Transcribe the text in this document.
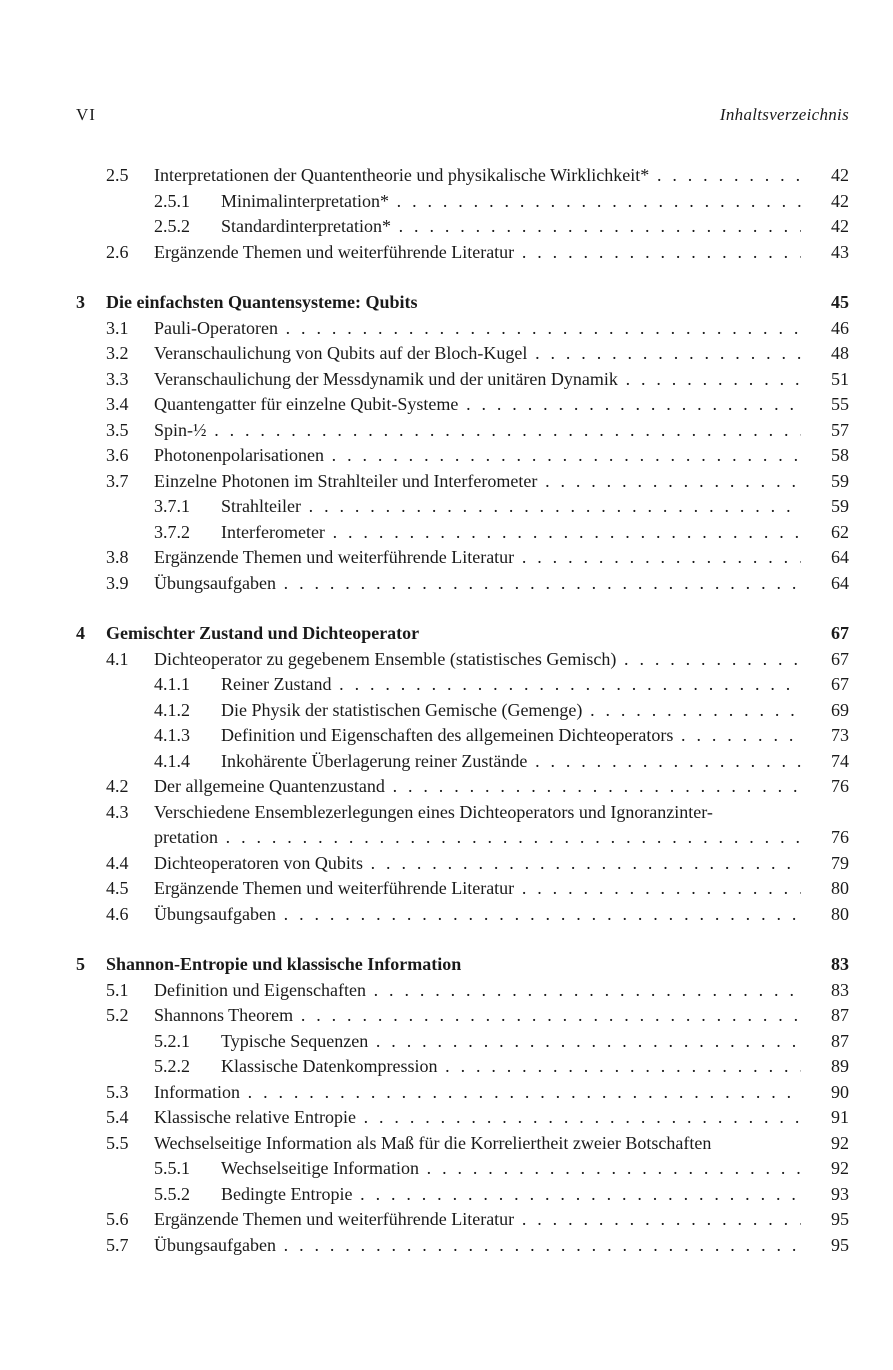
VI	Inhaltsverzeichnis
2.5 Interpretationen der Quantentheorie und physikalische Wirklichkeit* . . .	42
2.5.1 Minimalinterpretation* . . .	42
2.5.2 Standardinterpretation* . . .	42
2.6 Ergänzende Themen und weiterführende Literatur . . .	43
3 Die einfachsten Quantensysteme: Qubits	45
3.1 Pauli-Operatoren . . .	46
3.2 Veranschaulichung von Qubits auf der Bloch-Kugel . . .	48
3.3 Veranschaulichung der Messdynamik und der unitären Dynamik . . .	51
3.4 Quantengatter für einzelne Qubit-Systeme . . .	55
3.5 Spin-½ . . .	57
3.6 Photonenpolarisationen . . .	58
3.7 Einzelne Photonen im Strahlteiler und Interferometer . . .	59
3.7.1 Strahlteiler . . .	59
3.7.2 Interferometer . . .	62
3.8 Ergänzende Themen und weiterführende Literatur . . .	64
3.9 Übungsaufgaben . . .	64
4 Gemischter Zustand und Dichteoperator	67
4.1 Dichteoperator zu gegebenem Ensemble (statistisches Gemisch) . . .	67
4.1.1 Reiner Zustand . . .	67
4.1.2 Die Physik der statistischen Gemische (Gemenge) . . .	69
4.1.3 Definition und Eigenschaften des allgemeinen Dichteoperators . . .	73
4.1.4 Inkohärente Überlagerung reiner Zustände . . .	74
4.2 Der allgemeine Quantenzustand . . .	76
4.3 Verschiedene Ensemblezerlegungen eines Dichteoperators und Ignoranzinter-
pretation . . .	76
4.4 Dichteoperatoren von Qubits . . .	79
4.5 Ergänzende Themen und weiterführende Literatur . . .	80
4.6 Übungsaufgaben . . .	80
5 Shannon-Entropie und klassische Information	83
5.1 Definition und Eigenschaften . . .	83
5.2 Shannons Theorem . . .	87
5.2.1 Typische Sequenzen . . .	87
5.2.2 Klassische Datenkompression . . .	89
5.3 Information . . .	90
5.4 Klassische relative Entropie . . .	91
5.5 Wechselseitige Information als Maß für die Korreliertheit zweier Botschaften	92
5.5.1 Wechselseitige Information . . .	92
5.5.2 Bedingte Entropie . . .	93
5.6 Ergänzende Themen und weiterführende Literatur . . .	95
5.7 Übungsaufgaben . . .	95
